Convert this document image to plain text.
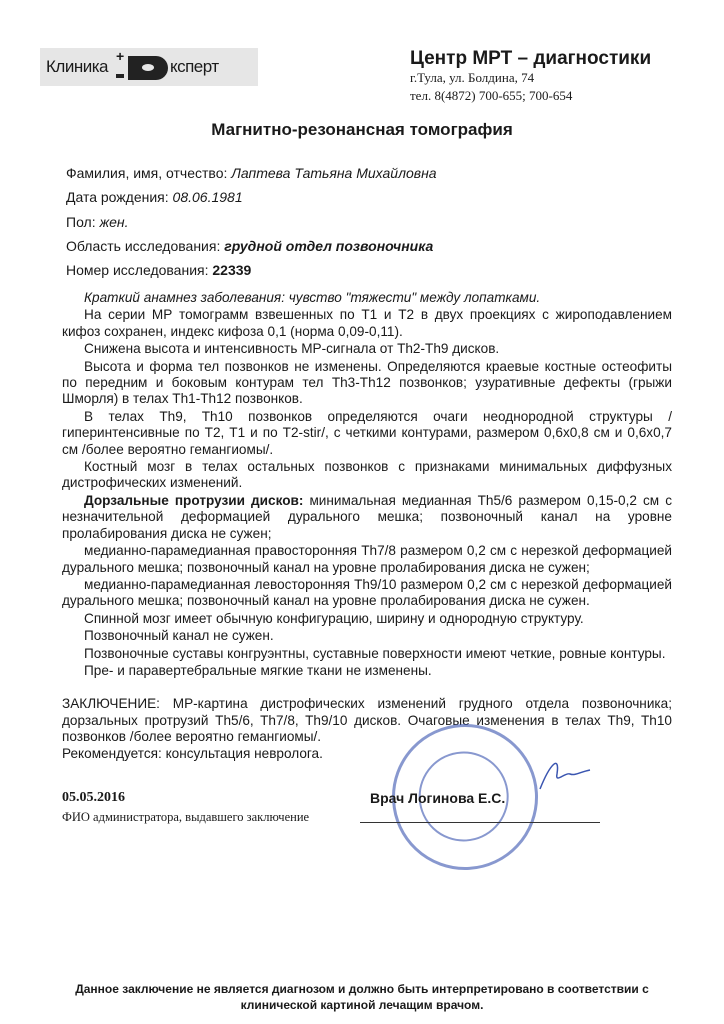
Клиника
+
кспeрт	Центр МРТ – диагностики
г.Тула, ул. Болдина, 74
тел. 8(4872) 700-655; 700-654
Магнитно-резонансная томография
Фамилия, имя, отчество: Лаптева Татьяна Михайловна
Дата рождения: 08.06.1981
Пол: жен.
Область исследования: грудной отдел позвоночника
Номер исследования: 22339

Краткий анамнез заболевания: чувство "тяжести" между лопатками.

На серии МР томограмм взвешенных по Т1 и Т2 в двух проекциях с жироподавлением кифоз сохранен, индекс кифоза 0,1 (норма 0,09-0,11).

Снижена высота и интенсивность МР-сигнала от Th2-Th9 дисков.

Высота и форма тел позвонков не изменены. Определяются краевые костные остеофиты по передним и боковым контурам тел Th3-Th12 позвонков; узуративные дефекты (грыжи Шморля) в телах Th1-Th12 позвонков.

В телах Th9, Th10 позвонков определяются очаги неоднородной структуры /гиперинтенсивные по Т2, Т1 и по Т2-stir/, с четкими контурами, размером 0,6х0,8 см и 0,6х0,7 см /более вероятно гемангиомы/.

Костный мозг в телах остальных позвонков с признаками минимальных диффузных дистрофических изменений.

Дорзальные протрузии дисков: минимальная медианная Th5/6 размером 0,15-0,2 см с незначительной деформацией дурального мешка; позвоночный канал на уровне пролабирования диска не сужен;

медианно-парамедианная правосторонняя Th7/8 размером 0,2 см с нерезкой деформацией дурального мешка; позвоночный канал на уровне пролабирования диска не сужен;

медианно-парамедианная левосторонняя Th9/10 размером 0,2 см с нерезкой деформацией дурального мешка; позвоночный канал на уровне пролабирования диска не сужен.

Спинной мозг имеет обычную конфигурацию, ширину и однородную структуру.

Позвоночный канал не сужен.

Позвоночные суставы конгруэнтны, суставные поверхности имеют четкие, ровные контуры.

Пре- и паравертебральные мягкие ткани не изменены.

ЗАКЛЮЧЕНИЕ: МР-картина дистрофических изменений грудного отдела позвоночника; дорзальных протрузий Th5/6, Th7/8, Th9/10 дисков. Очаговые изменения в телах Th9, Th10 позвонков /более вероятно гемангиомы/.

Рекомендуется: консультация невролога.

05.05.2016
ФИО администратора, выдавшего заключение
Врач Логинова Е.С.
Данное заключение не является диагнозом и должно быть интерпретировано в соответствии с
клинической картиной лечащим врачом.
